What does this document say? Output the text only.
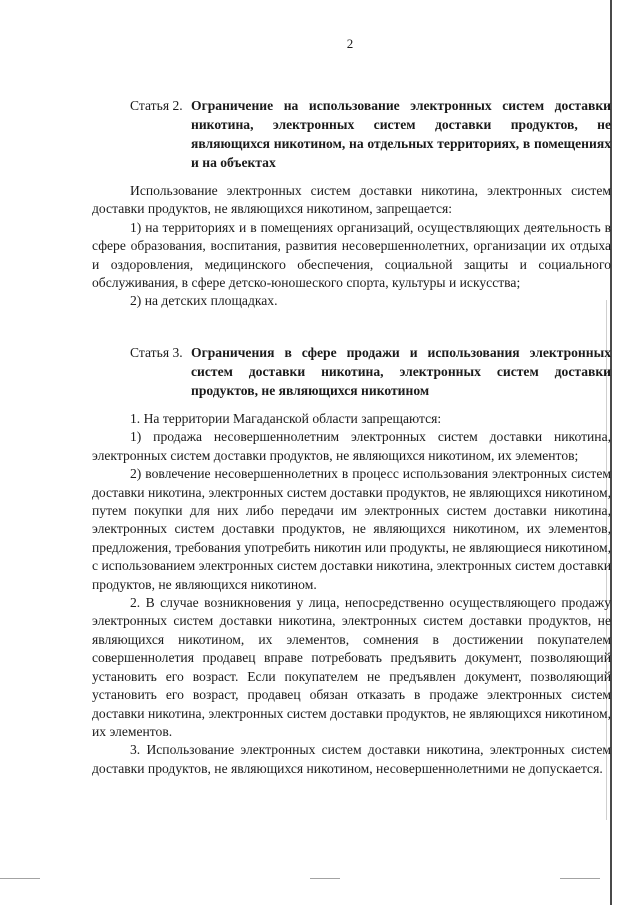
2
Статья 2. Ограничение на использование электронных систем доставки никотина, электронных систем доставки продуктов, не являющихся никотином, на отдельных территориях, в помещениях и на объектах

Использование электронных систем доставки никотина, электронных систем доставки продуктов, не являющихся никотином, запрещается:

1) на территориях и в помещениях организаций, осуществляющих деятельность в сфере образования, воспитания, развития несовершеннолетних, организации их отдыха и оздоровления, медицинского обеспечения, социальной защиты и социального обслуживания, в сфере детско-юношеского спорта, культуры и искусства;

2) на детских площадках.

Статья 3. Ограничения в сфере продажи и использования электронных систем доставки никотина, электронных систем доставки продуктов, не являющихся никотином

1. На территории Магаданской области запрещаются:

1) продажа несовершеннолетним электронных систем доставки никотина, электронных систем доставки продуктов, не являющихся никотином, их элементов;

2) вовлечение несовершеннолетних в процесс использования электронных систем доставки никотина, электронных систем доставки продуктов, не являющихся никотином, путем покупки для них либо передачи им электронных систем доставки никотина, электронных систем доставки продуктов, не являющихся никотином, их элементов, предложения, требования употребить никотин или продукты, не являющиеся никотином, с использованием электронных систем доставки никотина, электронных систем доставки продуктов, не являющихся никотином.

2. В случае возникновения у лица, непосредственно осуществляющего продажу электронных систем доставки никотина, электронных систем доставки продуктов, не являющихся никотином, их элементов, сомнения в достижении покупателем совершеннолетия продавец вправе потребовать предъявить документ, позволяющий установить его возраст. Если покупателем не предъявлен документ, позволяющий установить его возраст, продавец обязан отказать в продаже электронных систем доставки никотина, электронных систем доставки продуктов, не являющихся никотином, их элементов.

3. Использование электронных систем доставки никотина, электронных систем доставки продуктов, не являющихся никотином, несовершеннолетними не допускается.
